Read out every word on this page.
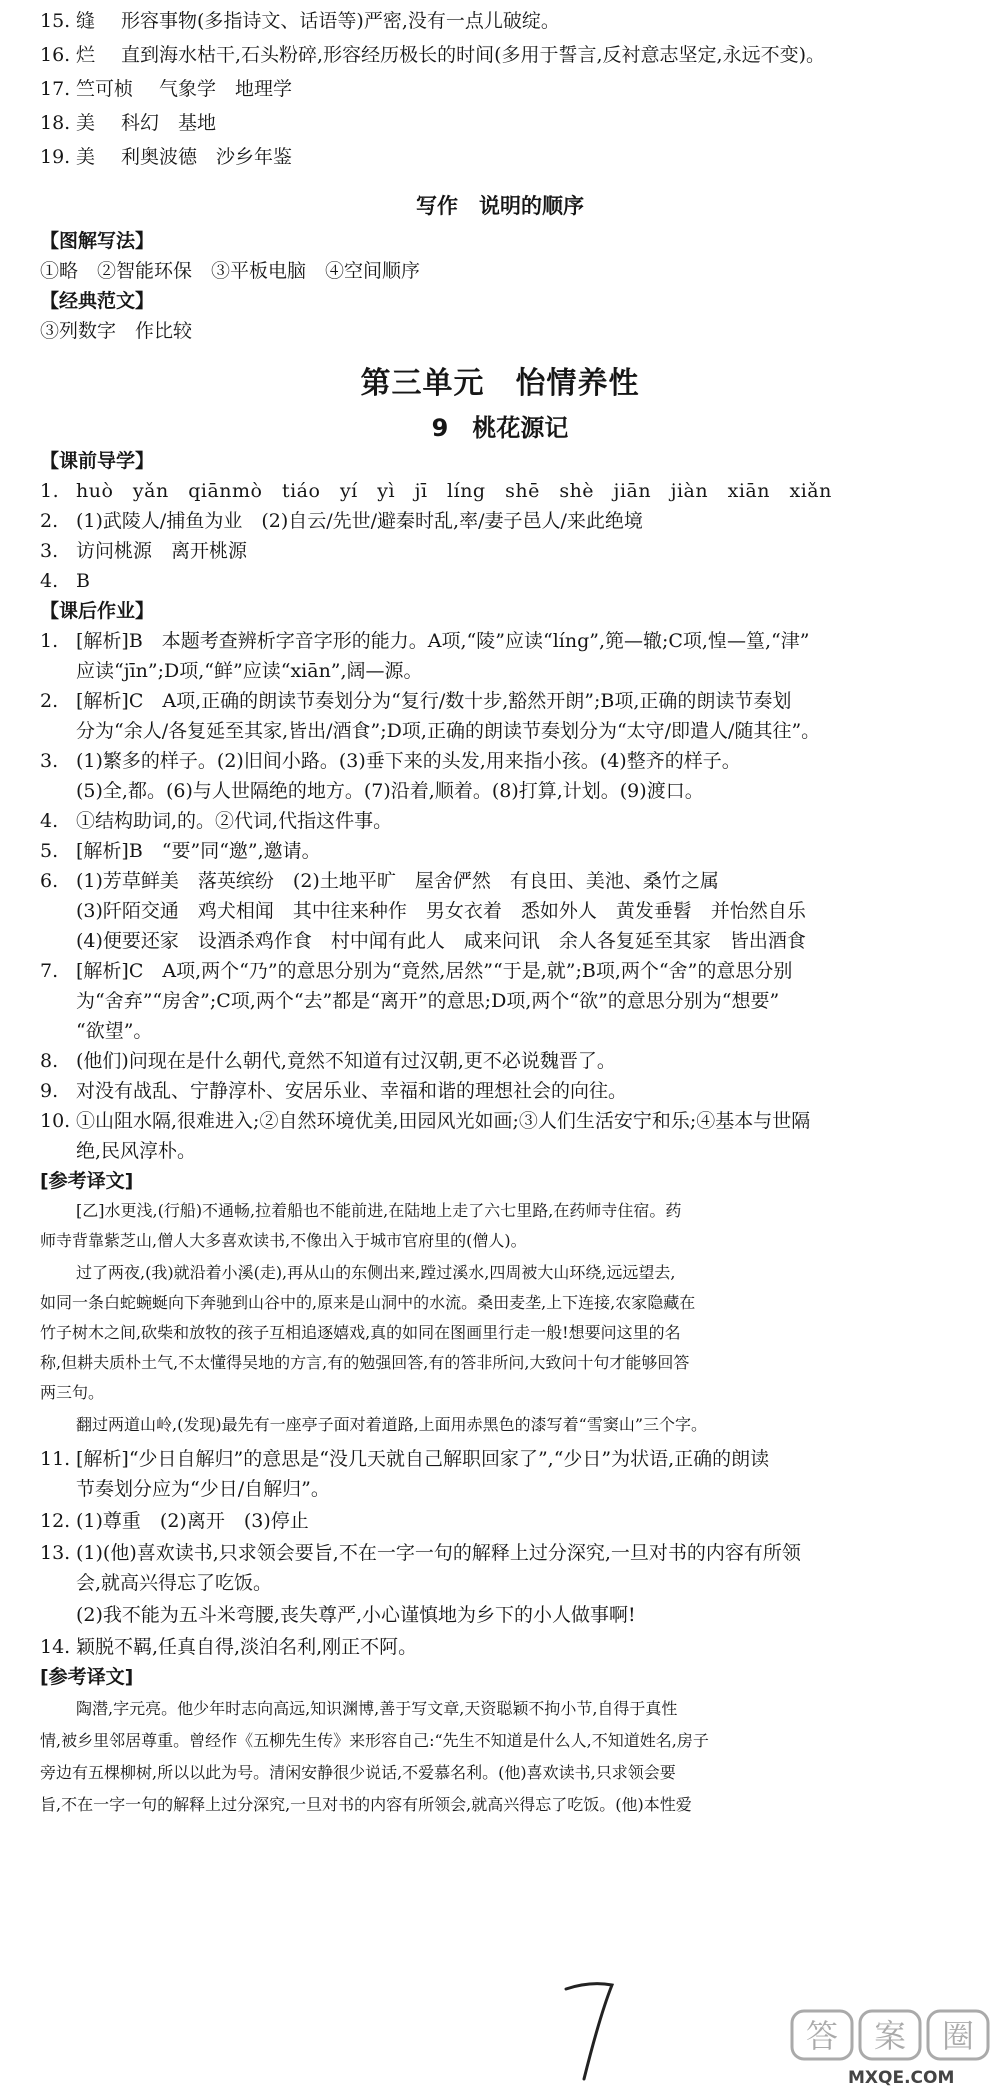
15. 缝 形容事物(多指诗文、话语等)严密,没有一点儿破绽。
16. 烂 直到海水枯干,石头粉碎,形容经历极长的时间(多用于誓言,反衬意志坚定,永远不变)。
17. 竺可桢 气象学　地理学
18. 美 科幻　基地
19. 美 利奥波德　沙乡年鉴
写作　说明的顺序
【图解写法】
①略　②智能环保　③平板电脑　④空间顺序
【经典范文】
③列数字　作比较
第三单元　怡情养性
9　桃花源记
【课前导学】
1. huò　yǎn　qiānmò　tiáo　yí　yì　jī　líng　shē　shè　jiān　jiàn　xiān　xiǎn
2. (1)武陵人/捕鱼为业　(2)自云/先世/避秦时乱,率/妻子邑人/来此绝境
3. 访问桃源　离开桃源
4. B
【课后作业】
1. [解析]B　本题考查辨析字音字形的能力。A项,“陵”应读“líng”,篼—辙;C项,惶—篁,“津”
应读“jīn”;D项,“鲜”应读“xiān”,阔—源。
2. [解析]C　A项,正确的朗读节奏划分为“复行/数十步,豁然开朗”;B项,正确的朗读节奏划
分为“余人/各复延至其家,皆出/酒食”;D项,正确的朗读节奏划分为“太守/即遣人/随其往”。
3. (1)繁多的样子。(2)旧间小路。(3)垂下来的头发,用来指小孩。(4)整齐的样子。
(5)全,都。(6)与人世隔绝的地方。(7)沿着,顺着。(8)打算,计划。(9)渡口。
4. ①结构助词,的。②代词,代指这件事。
5. [解析]B　“要”同“邀”,邀请。
6. (1)芳草鲜美　落英缤纷　(2)土地平旷　屋舍俨然　有良田、美池、桑竹之属
(3)阡陌交通　鸡犬相闻　其中往来种作　男女衣着　悉如外人　黄发垂髫　并怡然自乐
(4)便要还家　设酒杀鸡作食　村中闻有此人　咸来问讯　余人各复延至其家　皆出酒食
7. [解析]C　A项,两个“乃”的意思分别为“竟然,居然”“于是,就”;B项,两个“舍”的意思分别
为“舍弃”“房舍”;C项,两个“去”都是“离开”的意思;D项,两个“欲”的意思分别为“想要”
“欲望”。
8. (他们)问现在是什么朝代,竟然不知道有过汉朝,更不必说魏晋了。
9. 对没有战乱、宁静淳朴、安居乐业、幸福和谐的理想社会的向往。
10. ①山阻水隔,很难进入;②自然环境优美,田园风光如画;③人们生活安宁和乐;④基本与世隔
绝,民风淳朴。
[参考译文]
[乙]水更浅,(行船)不通畅,拉着船也不能前进,在陆地上走了六七里路,在药师寺住宿。药
师寺背靠紫芝山,僧人大多喜欢读书,不像出入于城市官府里的(僧人)。
过了两夜,(我)就沿着小溪(走),再从山的东侧出来,蹚过溪水,四周被大山环绕,远远望去,
如同一条白蛇蜿蜒向下奔驰到山谷中的,原来是山洞中的水流。桑田麦垄,上下连接,农家隐藏在
竹子树木之间,砍柴和放牧的孩子互相追逐嬉戏,真的如同在图画里行走一般!想要问这里的名
称,但耕夫质朴土气,不太懂得吴地的方言,有的勉强回答,有的答非所问,大致问十句才能够回答
两三句。
翻过两道山岭,(发现)最先有一座亭子面对着道路,上面用赤黑色的漆写着“雪窦山”三个字。
11. [解析]“少日自解归”的意思是“没几天就自己解职回家了”,“少日”为状语,正确的朗读
节奏划分应为“少日/自解归”。
12. (1)尊重　(2)离开　(3)停止
13. (1)(他)喜欢读书,只求领会要旨,不在一字一句的解释上过分深究,一旦对书的内容有所领
会,就高兴得忘了吃饭。
(2)我不能为五斗米弯腰,丧失尊严,小心谨慎地为乡下的小人做事啊!
14. 颖脱不羁,任真自得,淡泊名利,刚正不阿。
[参考译文]
陶潜,字元亮。他少年时志向高远,知识渊博,善于写文章,天资聪颖不拘小节,自得于真性
情,被乡里邻居尊重。曾经作《五柳先生传》来形容自己:“先生不知道是什么人,不知道姓名,房子
旁边有五棵柳树,所以以此为号。清闲安静很少说话,不爱慕名利。(他)喜欢读书,只求领会要
旨,不在一字一句的解释上过分深究,一旦对书的内容有所领会,就高兴得忘了吃饭。(他)本性爱
答 案 圈
MXQE.COM
